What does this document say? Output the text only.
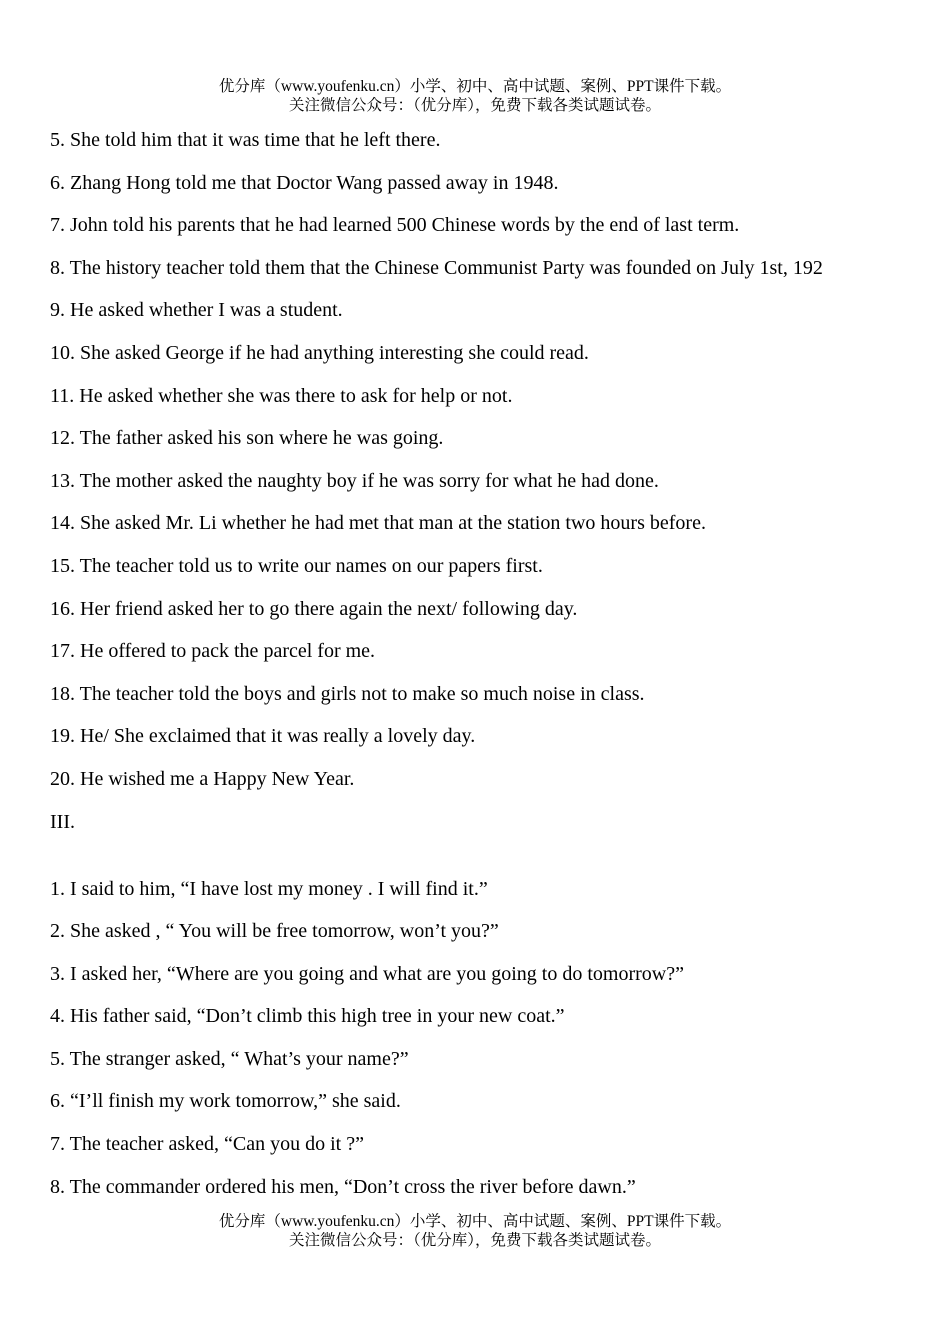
优分库（www.youfenku.cn）小学、初中、高中试题、案例、PPT课件下载。
关注微信公众号：（优分库），免费下载各类试题试卷。
5. She told him that it was time that he left there.
6. Zhang Hong told me that Doctor Wang passed away in 1948.
7. John told his parents that he had learned 500 Chinese words by the end of last term.
8. The history teacher told them that the Chinese Communist Party was founded on July 1st, 192
9. He asked whether I was a student.
10. She asked George if he had anything interesting she could read.
11. He asked whether she was there to ask for help or not.
12. The father asked his son where he was going.
13. The mother asked the naughty boy if he was sorry for what he had done.
14. She asked Mr. Li whether he had met that man at the station two hours before.
15. The teacher told us to write our names on our papers first.
16. Her friend asked her to go there again the next/ following day.
17. He offered to pack the parcel for me.
18. The teacher told the boys and girls not to make so much noise in class.
19. He/ She exclaimed that it was really a lovely day.
20. He wished me a Happy New Year.
III.
1. I said to him, “I have lost my money . I will find it.”
2. She asked , “ You will be free tomorrow, won’t you?”
3. I asked her, “Where are you going and what are you going to do tomorrow?”
4. His father said, “Don’t climb this high tree in your new coat.”
5. The stranger asked, “ What’s your name?”
6. “I’ll finish my work tomorrow,” she said.
7. The teacher asked, “Can you do it ?”
8. The commander ordered his men, “Don’t cross the river before dawn.”
优分库（www.youfenku.cn）小学、初中、高中试题、案例、PPT课件下载。
关注微信公众号：（优分库），免费下载各类试题试卷。
